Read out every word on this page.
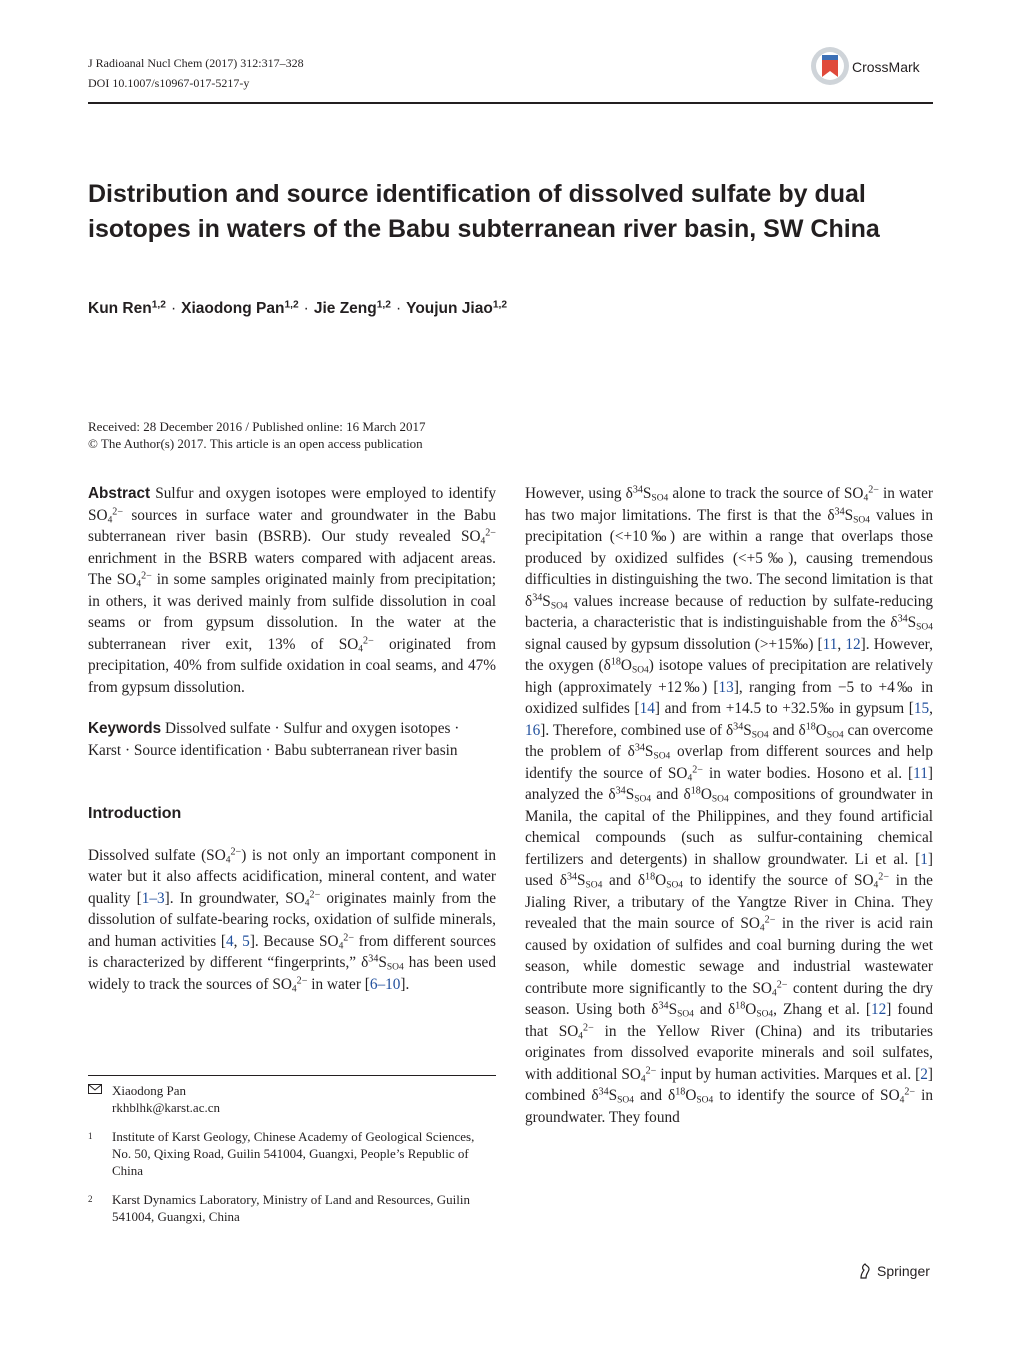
J Radioanal Nucl Chem (2017) 312:317–328
DOI 10.1007/s10967-017-5217-y
CrossMark
Distribution and source identification of dissolved sulfate by dual isotopes in waters of the Babu subterranean river basin, SW China
Kun Ren$^{1,2}$ · Xiaodong Pan$^{1,2}$ · Jie Zeng$^{1,2}$ · Youjun Jiao$^{1,2}$
Received: 28 December 2016 / Published online: 16 March 2017
© The Author(s) 2017. This article is an open access publication

Abstract Sulfur and oxygen isotopes were employed to identify $SO_4^{2-}$ sources in surface water and groundwater in the Babu subterranean river basin (BSRB). Our study revealed $SO_4^{2-}$ enrichment in the BSRB waters compared with adjacent areas. The $SO_4^{2-}$ in some samples originated mainly from precipitation; in others, it was derived mainly from sulfide dissolution in coal seams or from gypsum dissolution. In the water at the subterranean river exit, 13% of $SO_4^{2-}$ originated from precipitation, 40% from sulfide oxidation in coal seams, and 47% from gypsum dissolution.

Keywords Dissolved sulfate · Sulfur and oxygen isotopes · Karst · Source identification · Babu subterranean river basin

Introduction

Dissolved sulfate $(SO_4^{2-})$ is not only an important component in water but it also affects acidification, mineral content, and water quality [1–3]. In groundwater, $SO_4^{2-}$ originates mainly from the dissolution of sulfate-bearing rocks, oxidation of sulfide minerals, and human activities [4, 5]. Because $SO_4^{2-}$ from different sources is characterized by different “fingerprints,” $\delta^{34}S_{SO4}$ has been used widely to track the sources of $SO_4^{2-}$ in water [6–10].

Xiaodong Pan
rkhblhk@karst.ac.cn
1	Institute of Karst Geology, Chinese Academy of Geological Sciences, No. 50, Qixing Road, Guilin 541004, Guangxi, People’s Republic of China
2	Karst Dynamics Laboratory, Ministry of Land and Resources, Guilin 541004, Guangxi, China

However, using $\delta^{34}S_{SO4}$ alone to track the source of $SO_4^{2-}$ in water has two major limitations. The first is that the $\delta^{34}S_{SO4}$ values in precipitation (<+10‰) are within a range that overlaps those produced by oxidized sulfides (<+5‰), causing tremendous difficulties in distinguishing the two. The second limitation is that $\delta^{34}S_{SO4}$ values increase because of reduction by sulfate-reducing bacteria, a characteristic that is indistinguishable from the $\delta^{34}S_{SO4}$ signal caused by gypsum dissolution (>+15‰) [11, 12]. However, the oxygen $(\delta^{18}O_{SO4})$ isotope values of precipitation are relatively high (approximately +12‰) [13], ranging from −5 to +4‰ in oxidized sulfides [14] and from +14.5 to +32.5‰ in gypsum [15, 16]. Therefore, combined use of $\delta^{34}S_{SO4}$ and $\delta^{18}O_{SO4}$ can overcome the problem of $\delta^{34}S_{SO4}$ overlap from different sources and help identify the source of $SO_4^{2-}$ in water bodies. Hosono et al. [11] analyzed the $\delta^{34}S_{SO4}$ and $\delta^{18}O_{SO4}$ compositions of groundwater in Manila, the capital of the Philippines, and they found artificial chemical compounds (such as sulfur-containing chemical fertilizers and detergents) in shallow groundwater. Li et al. [1] used $\delta^{34}S_{SO4}$ and $\delta^{18}O_{SO4}$ to identify the source of $SO_4^{2-}$ in the Jialing River, a tributary of the Yangtze River in China. They revealed that the main source of $SO_4^{2-}$ in the river is acid rain caused by oxidation of sulfides and coal burning during the wet season, while domestic sewage and industrial wastewater contribute more significantly to the $SO_4^{2-}$ content during the dry season. Using both $\delta^{34}S_{SO4}$ and $\delta^{18}O_{SO4}$, Zhang et al. [12] found that $SO_4^{2-}$ in the Yellow River (China) and its tributaries originates from dissolved evaporite minerals and soil sulfates, with additional $SO_4^{2-}$ input by human activities. Marques et al. [2] combined $\delta^{34}S_{SO4}$ and $\delta^{18}O_{SO4}$ to identify the source of $SO_4^{2-}$ in groundwater. They found

Springer
